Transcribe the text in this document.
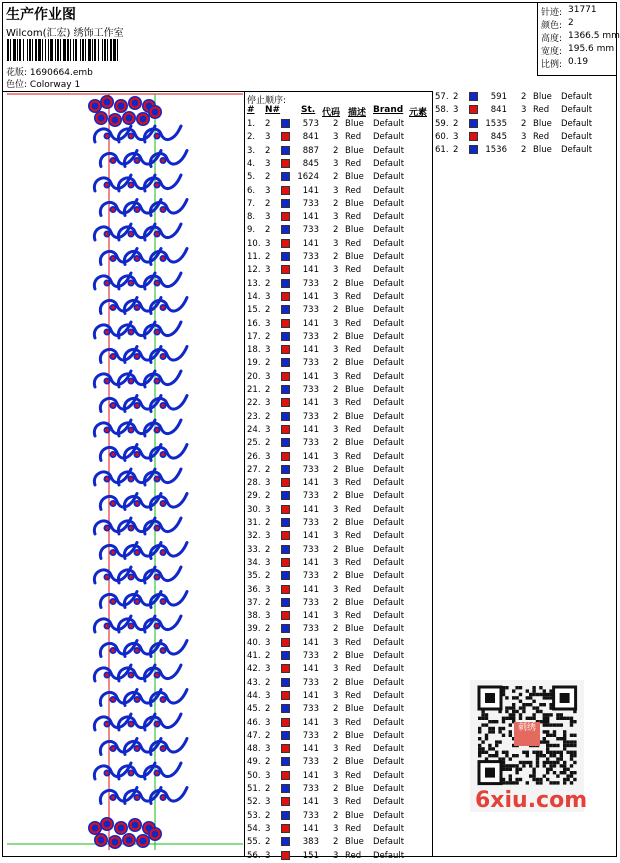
生产作业图
Wilcom(汇宏) 绣饰工作室
花版: 1690664.emb
色位: Colorway 1
针迹: 31771
颜色: 2
高度: 1366.5 mm
宽度: 195.6 mm
比例: 0.19
停止顺序:
# N# St. 代码 描述 Brand 元素
1. 2	573 2 Blue Default
2. 3	841 3 Red Default
3. 2	887 2 Blue Default
4. 3	845 3 Red Default
5. 2	1624 2 Blue Default
6. 3	141 3 Red Default
7. 2	733 2 Blue Default
8. 3	141 3 Red Default
9. 2	733 2 Blue Default
10. 3	141 3 Red Default
11. 2	733 2 Blue Default
12. 3	141 3 Red Default
13. 2	733 2 Blue Default
14. 3	141 3 Red Default
15. 2	733 2 Blue Default
16. 3	141 3 Red Default
17. 2	733 2 Blue Default
18. 3	141 3 Red Default
19. 2	733 2 Blue Default
20. 3	141 3 Red Default
21. 2	733 2 Blue Default
22. 3	141 3 Red Default
23. 2	733 2 Blue Default
24. 3	141 3 Red Default
25. 2	733 2 Blue Default
26. 3	141 3 Red Default
27. 2	733 2 Blue Default
28. 3	141 3 Red Default
29. 2	733 2 Blue Default
30. 3	141 3 Red Default
31. 2	733 2 Blue Default
32. 3	141 3 Red Default
33. 2	733 2 Blue Default
34. 3	141 3 Red Default
35. 2	733 2 Blue Default
36. 3	141 3 Red Default
37. 2	733 2 Blue Default
38. 3	141 3 Red Default
39. 2	733 2 Blue Default
40. 3	141 3 Red Default
41. 2	733 2 Blue Default
42. 3	141 3 Red Default
43. 2	733 2 Blue Default
44. 3	141 3 Red Default
45. 2	733 2 Blue Default
46. 3	141 3 Red Default
47. 2	733 2 Blue Default
48. 3	141 3 Red Default
49. 2	733 2 Blue Default
50. 3	141 3 Red Default
51. 2	733 2 Blue Default
52. 3	141 3 Red Default
53. 2	733 2 Blue Default
54. 3	141 3 Red Default
55. 2	383 2 Blue Default
56. 3	151 3 Red Default
57. 2	591 2 Blue Default
58. 3	841 3 Red Default
59. 2	1535 2 Blue Default
60. 3	845 3 Red Default
61. 2	1536 2 Blue Default
刺绣
6xiu.com
